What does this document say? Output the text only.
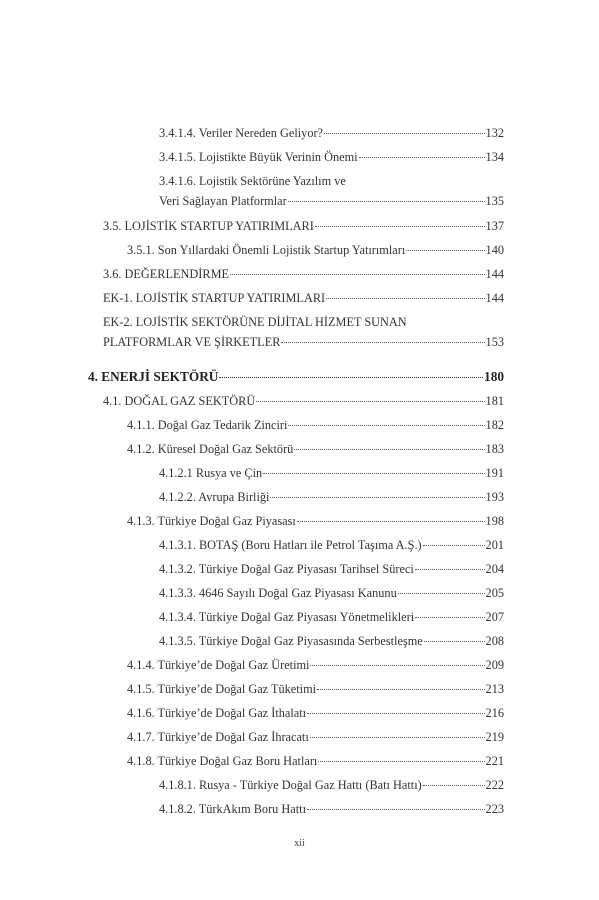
3.4.1.4. Veriler Nereden Geliyor?	132
3.4.1.5. Lojistikte Büyük Verinin Önemi	134
3.4.1.6. Lojistik Sektörüne Yazılım ve
Veri Sağlayan Platformlar	135
3.5. LOJİSTİK STARTUP YATIRIMLARI	137
3.5.1. Son Yıllardaki Önemli Lojistik Startup Yatırımları	140
3.6. DEĞERLENDİRME	144
EK-1. LOJİSTİK STARTUP YATIRIMLARI	144
EK-2. LOJİSTİK SEKTÖRÜNE DİJİTAL HİZMET SUNAN
PLATFORMLAR VE ŞİRKETLER	153
4. ENERJİ SEKTÖRÜ	180
4.1. DOĞAL GAZ SEKTÖRÜ	181
4.1.1. Doğal Gaz Tedarik Zinciri	182
4.1.2. Küresel Doğal Gaz Sektörü	183
4.1.2.1 Rusya ve Çin	191
4.1.2.2. Avrupa Birliği	193
4.1.3. Türkiye Doğal Gaz Piyasası	198
4.1.3.1. BOTAŞ (Boru Hatları ile Petrol Taşıma A.Ş.)	201
4.1.3.2. Türkiye Doğal Gaz Piyasası Tarihsel Süreci	204
4.1.3.3. 4646 Sayılı Doğal Gaz Piyasası Kanunu	205
4.1.3.4. Türkiye Doğal Gaz Piyasası Yönetmelikleri	207
4.1.3.5. Türkiye Doğal Gaz Piyasasında Serbestleşme	208
4.1.4. Türkiye’de Doğal Gaz Üretimi	209
4.1.5. Türkiye’de Doğal Gaz Tüketimi	213
4.1.6. Türkiye’de Doğal Gaz İthalatı	216
4.1.7. Türkiye’de Doğal Gaz İhracatı	219
4.1.8. Türkiye Doğal Gaz Boru Hatları	221
4.1.8.1. Rusya - Türkiye Doğal Gaz Hattı (Batı Hattı)	222
4.1.8.2. TürkAkım Boru Hattı	223
xii
